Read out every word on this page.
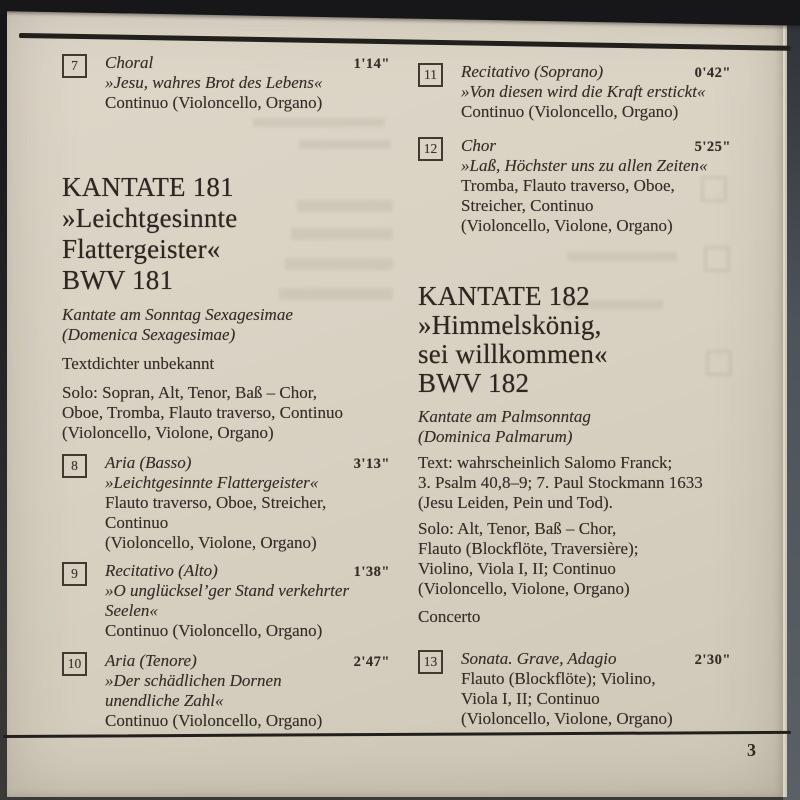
7	Choral	1'14"
»Jesu, wahres Brot des Lebens«
Continuo (Violoncello, Organo)
KANTATE 181
»Leichtgesinnte
Flattergeister«
BWV 181
Kantate am Sonntag Sexagesimae
(Domenica Sexagesimae)
Textdichter unbekannt
Solo: Sopran, Alt, Tenor, Baß – Chor,
Oboe, Tromba, Flauto traverso, Continuo
(Violoncello, Violone, Organo)
8	Aria (Basso)	3'13"
»Leichtgesinnte Flattergeister«
Flauto traverso, Oboe, Streicher,
Continuo
(Violoncello, Violone, Organo)
9	Recitativo (Alto)	1'38"
»O unglücksel’ger Stand verkehrter
Seelen«
Continuo (Violoncello, Organo)
10	Aria (Tenore)	2'47"
»Der schädlichen Dornen
unendliche Zahl«
Continuo (Violoncello, Organo)
11	Recitativo (Soprano)	0'42"
»Von diesen wird die Kraft erstickt«
Continuo (Violoncello, Organo)
12	Chor	5'25"
»Laß, Höchster uns zu allen Zeiten«
Tromba, Flauto traverso, Oboe,
Streicher, Continuo
(Violoncello, Violone, Organo)
KANTATE 182
»Himmelskönig,
sei willkommen«
BWV 182
Kantate am Palmsonntag
(Dominica Palmarum)
Text: wahrscheinlich Salomo Franck;
3. Psalm 40,8–9; 7. Paul Stockmann 1633
(Jesu Leiden, Pein und Tod).
Solo: Alt, Tenor, Baß – Chor,
Flauto (Blockflöte, Traversière);
Violino, Viola I, II; Continuo
(Violoncello, Violone, Organo)
Concerto
13	Sonata. Grave, Adagio	2'30"
Flauto (Blockflöte); Violino,
Viola I, II; Continuo
(Violoncello, Violone, Organo)
3
